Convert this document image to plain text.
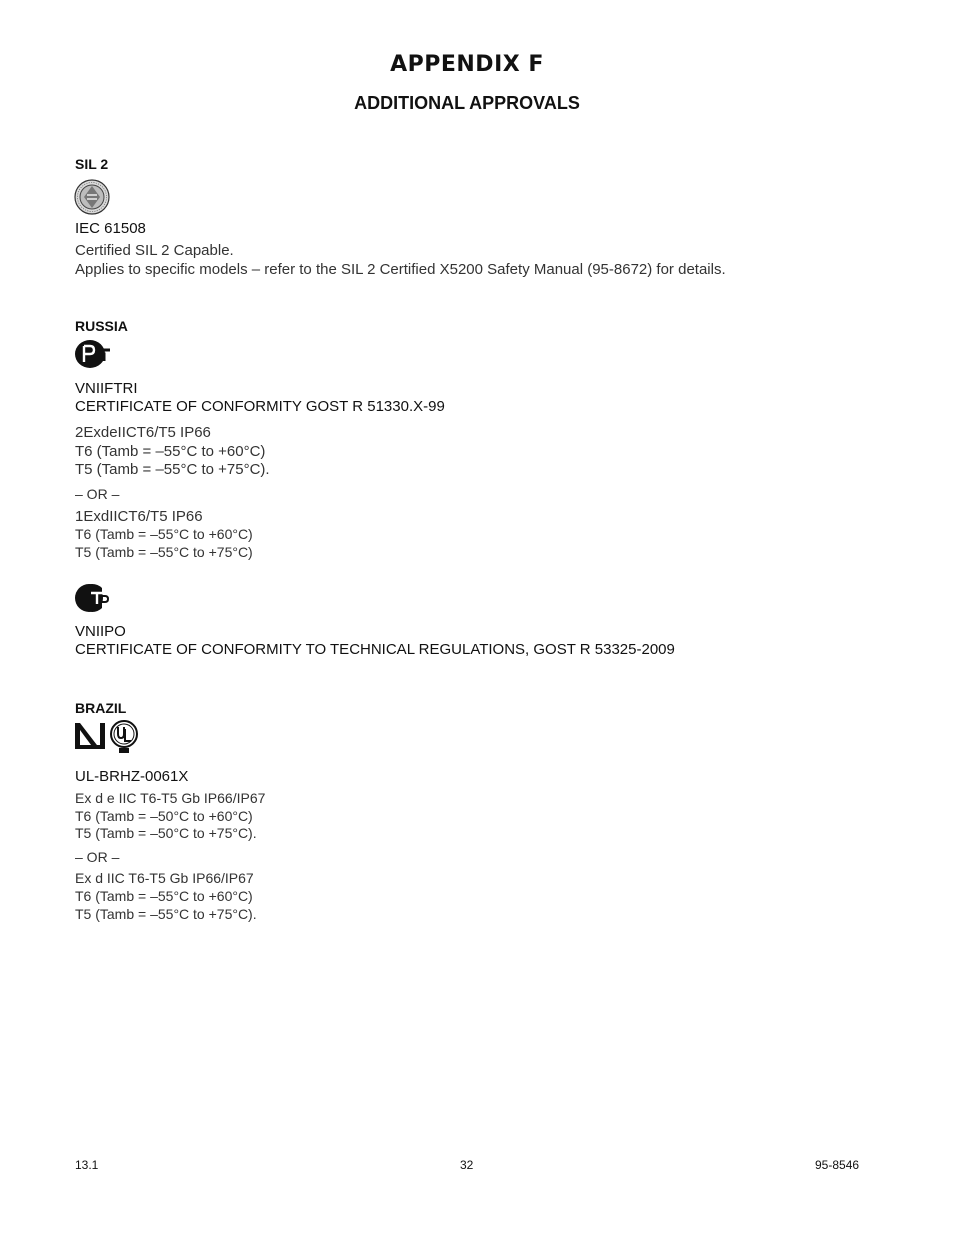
APPENDIX F
ADDITIONAL APPROVALS
SIL 2
IEC 61508
Certified SIL 2 Capable.
Applies to specific models – refer to the SIL 2 Certified X5200 Safety Manual (95-8672) for details.
RUSSIA
VNIIFTRI
CERTIFICATE OF CONFORMITY GOST R 51330.X-99
2ExdeIICT6/T5 IP66
T6 (Tamb = –55°C to +60°C)
T5 (Tamb = –55°C to +75°C).
– OR –
1ExdIICT6/T5 IP66
T6 (Tamb = –55°C to +60°C)
T5 (Tamb = –55°C to +75°C)
VNIIPO
CERTIFICATE OF CONFORMITY TO TECHNICAL REGULATIONS, GOST R 53325-2009
BRAZIL
UL-BRHZ-0061X
Ex d e IIC T6-T5 Gb IP66/IP67
T6 (Tamb = –50°C to +60°C)
T5 (Tamb = –50°C to +75°C).
– OR –
Ex d IIC T6-T5 Gb IP66/IP67
T6 (Tamb = –55°C to +60°C)
T5 (Tamb = –55°C to +75°C).
13.1	32	95-8546
